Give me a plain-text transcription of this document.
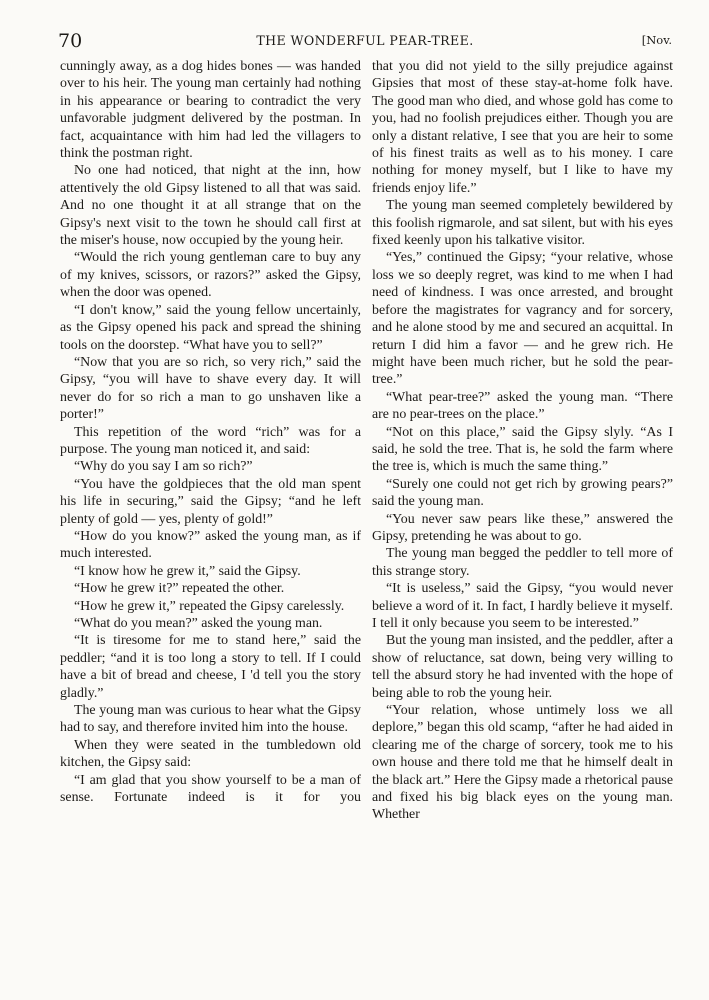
70	THE WONDERFUL PEAR-TREE.	[Nov.

cunningly away, as a dog hides bones — was handed over to his heir. The young man certainly had nothing in his appearance or bearing to contradict the very unfavorable judgment delivered by the postman. In fact, acquaintance with him had led the villagers to think the postman right.

No one had noticed, that night at the inn, how attentively the old Gipsy listened to all that was said. And no one thought it at all strange that on the Gipsy's next visit to the town he should call first at the miser's house, now occupied by the young heir.

“Would the rich young gentleman care to buy any of my knives, scissors, or razors?” asked the Gipsy, when the door was opened.

“I don't know,” said the young fellow uncertainly, as the Gipsy opened his pack and spread the shining tools on the doorstep. “What have you to sell?”

“Now that you are so rich, so very rich,” said the Gipsy, “you will have to shave every day. It will never do for so rich a man to go unshaven like a porter!”

This repetition of the word “rich” was for a purpose. The young man noticed it, and said:

“Why do you say I am so rich?”

“You have the goldpieces that the old man spent his life in securing,” said the Gipsy; “and he left plenty of gold — yes, plenty of gold!”

“How do you know?” asked the young man, as if much interested.

“I know how he grew it,” said the Gipsy.

“How he grew it?” repeated the other.

“How he grew it,” repeated the Gipsy carelessly.

“What do you mean?” asked the young man.

“It is tiresome for me to stand here,” said the peddler; “and it is too long a story to tell. If I could have a bit of bread and cheese, I 'd tell you the story gladly.”

The young man was curious to hear what the Gipsy had to say, and therefore invited him into the house.

When they were seated in the tumbledown old kitchen, the Gipsy said:

“I am glad that you show yourself to be a man of sense. Fortunate indeed is it for you

that you did not yield to the silly prejudice against Gipsies that most of these stay-at-home folk have. The good man who died, and whose gold has come to you, had no foolish prejudices either. Though you are only a distant relative, I see that you are heir to some of his finest traits as well as to his money. I care nothing for money myself, but I like to have my friends enjoy life.”

The young man seemed completely bewildered by this foolish rigmarole, and sat silent, but with his eyes fixed keenly upon his talkative visitor.

“Yes,” continued the Gipsy; “your relative, whose loss we so deeply regret, was kind to me when I had need of kindness. I was once arrested, and brought before the magistrates for vagrancy and for sorcery, and he alone stood by me and secured an acquittal. In return I did him a favor — and he grew rich. He might have been much richer, but he sold the pear-tree.”

“What pear-tree?” asked the young man. “There are no pear-trees on the place.”

“Not on this place,” said the Gipsy slyly. “As I said, he sold the tree. That is, he sold the farm where the tree is, which is much the same thing.”

“Surely one could not get rich by growing pears?” said the young man.

“You never saw pears like these,” answered the Gipsy, pretending he was about to go.

The young man begged the peddler to tell more of this strange story.

“It is useless,” said the Gipsy, “you would never believe a word of it. In fact, I hardly believe it myself. I tell it only because you seem to be interested.”

But the young man insisted, and the peddler, after a show of reluctance, sat down, being very willing to tell the absurd story he had invented with the hope of being able to rob the young heir.

“Your relation, whose untimely loss we all deplore,” began this old scamp, “after he had aided in clearing me of the charge of sorcery, took me to his own house and there told me that he himself dealt in the black art.” Here the Gipsy made a rhetorical pause and fixed his big black eyes on the young man. Whether
